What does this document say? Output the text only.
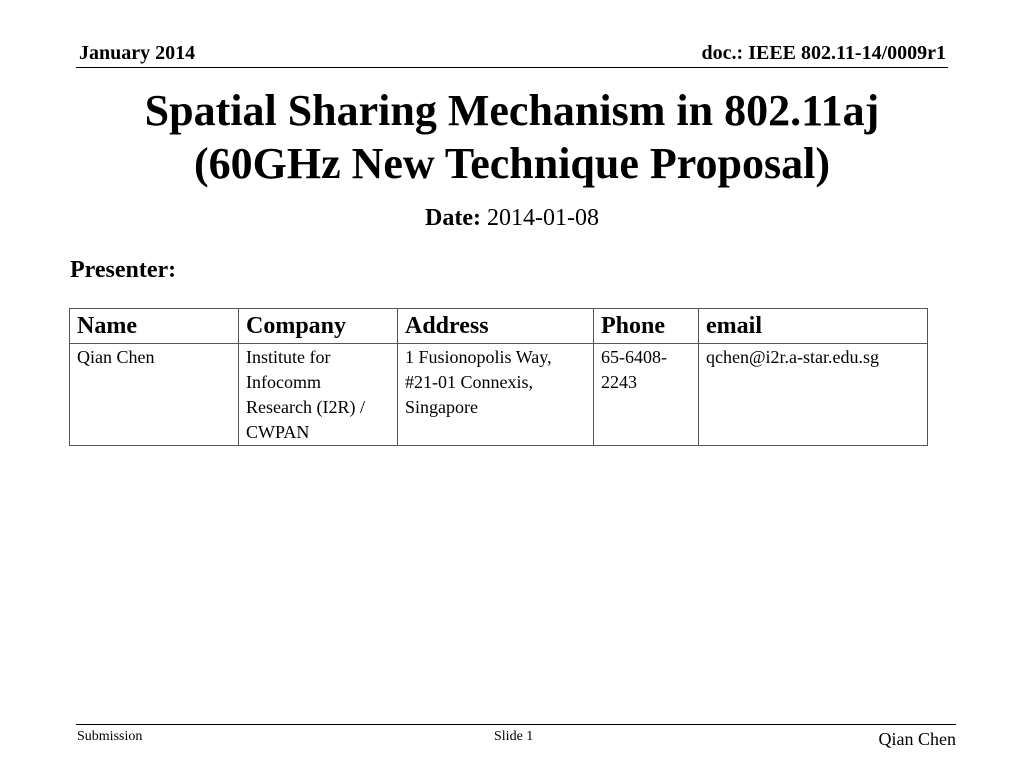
January 2014	doc.: IEEE 802.11-14/0009r1
Spatial Sharing Mechanism in 802.11aj
(60GHz New Technique Proposal)
Date: 2014-01-08
Presenter:
Name	Company	Address	Phone	email
Qian Chen	Institute for Infocomm Research (I2R) / CWPAN	1 Fusionopolis Way, #21-01 Connexis, Singapore	65-6408-2243	qchen@i2r.a-star.edu.sg
Submission	Slide 1	Qian Chen
